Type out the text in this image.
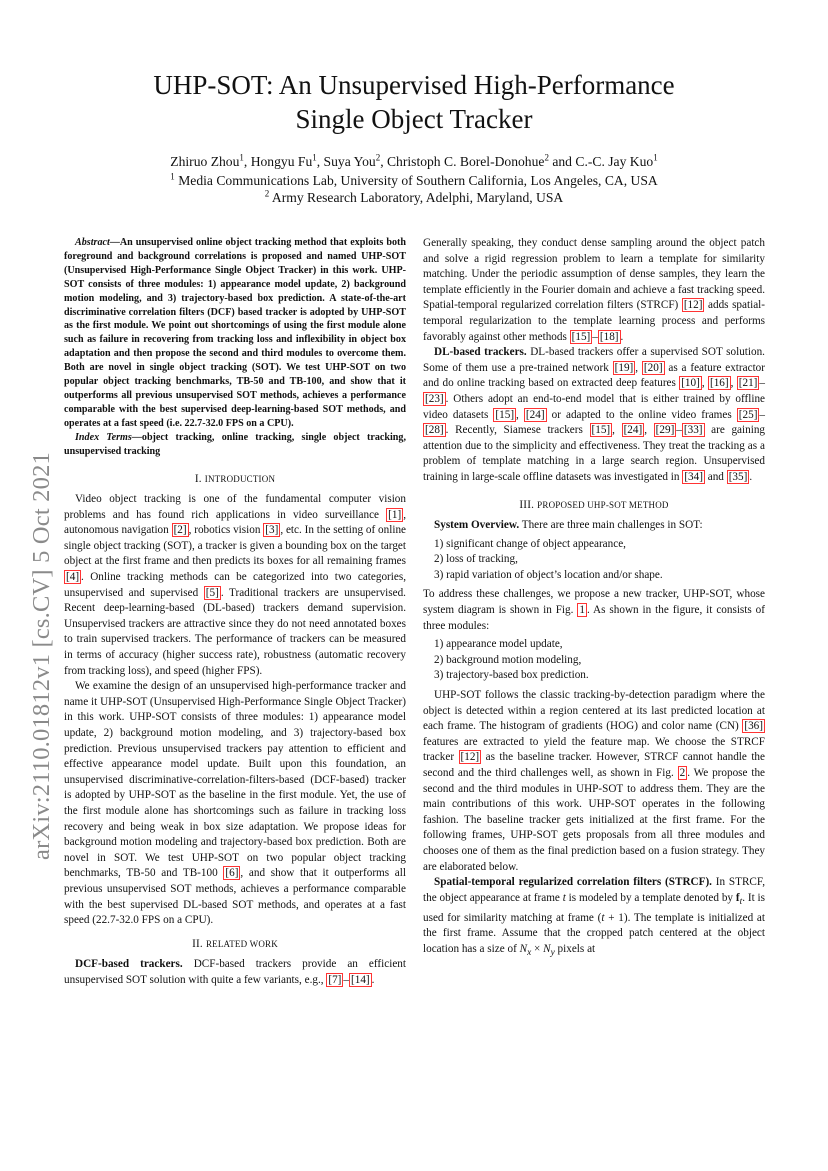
UHP-SOT: An Unsupervised High-Performance
Single Object Tracker
Zhiruo Zhou$^1$, Hongyu Fu$^1$, Suya You$^2$, Christoph C. Borel-Donohue$^2$ and C.-C. Jay Kuo$^1$
$^1$ Media Communications Lab, University of Southern California, Los Angeles, CA, USA
$^2$ Army Research Laboratory, Adelphi, Maryland, USA
arXiv:2110.01812v1 [cs.CV] 5 Oct 2021

Abstract—An unsupervised online object tracking method that exploits both foreground and background correlations is proposed and named UHP-SOT (Unsupervised High-Performance Single Object Tracker) in this work. UHP-SOT consists of three modules: 1) appearance model update, 2) background motion modeling, and 3) trajectory-based box prediction. A state-of-the-art discriminative correlation filters (DCF) based tracker is adopted by UHP-SOT as the first module. We point out shortcomings of using the first module alone such as failure in recovering from tracking loss and inflexibility in object box adaptation and then propose the second and third modules to overcome them. Both are novel in single object tracking (SOT). We test UHP-SOT on two popular object tracking benchmarks, TB-50 and TB-100, and show that it outperforms all previous unsupervised SOT methods, achieves a performance comparable with the best supervised deep-learning-based SOT methods, and operates at a fast speed (i.e. 22.7-32.0 FPS on a CPU).

Index Terms—object tracking, online tracking, single object tracking, unsupervised tracking

I. INTRODUCTION

Video object tracking is one of the fundamental computer vision problems and has found rich applications in video surveillance [1] , autonomous navigation [2] , robotics vision [3] , etc. In the setting of online single object tracking (SOT), a tracker is given a bounding box on the target object at the first frame and then predicts its boxes for all remaining frames [4] . Online tracking methods can be categorized into two categories, unsupervised and supervised [5] . Traditional trackers are unsupervised. Recent deep-learning-based (DL-based) trackers demand supervision. Unsupervised trackers are attractive since they do not need annotated boxes to train supervised trackers. The performance of trackers can be measured in terms of accuracy (higher success rate), robustness (automatic recovery from tracking loss), and speed (higher FPS).

We examine the design of an unsupervised high-performance tracker and name it UHP-SOT (Unsupervised High-Performance Single Object Tracker) in this work. UHP-SOT consists of three modules: 1) appearance model update, 2) background motion modeling, and 3) trajectory-based box prediction. Previous unsupervised trackers pay attention to efficient and effective appearance model update. Built upon this foundation, an unsupervised discriminative-correlation-filters-based (DCF-based) tracker is adopted by UHP-SOT as the baseline in the first module. Yet, the use of the first module alone has shortcomings such as failure in tracking loss recovery and being weak in box size adaptation. We propose ideas for background motion modeling and trajectory-based box prediction. Both are novel in SOT. We test UHP-SOT on two popular object tracking benchmarks, TB-50 and TB-100 [6] , and show that it outperforms all previous unsupervised SOT methods, achieves a performance comparable with the best supervised DL-based SOT methods, and operates at a fast speed (22.7-32.0 FPS on a CPU).

II. RELATED WORK

DCF-based trackers. DCF-based trackers provide an efficient unsupervised SOT solution with quite a few variants, e.g., [7] – [14] .

Generally speaking, they conduct dense sampling around the object patch and solve a rigid regression problem to learn a template for similarity matching. Under the periodic assumption of dense samples, they learn the template efficiently in the Fourier domain and achieve a fast tracking speed. Spatial-temporal regularized correlation filters (STRCF) [12] adds spatial-temporal regularization to the template learning process and performs favorably against other methods [15] – [18] .

DL-based trackers. DL-based trackers offer a supervised SOT solution. Some of them use a pre-trained network [19] , [20] as a feature extractor and do online tracking based on extracted deep features [10] , [16] , [21] –[23] . Others adopt an end-to-end model that is either trained by offline video datasets [15] , [24] or adapted to the online video frames [25] –[28] . Recently, Siamese trackers [15] , [24] , [29] – [33] are gaining attention due to the simplicity and effectiveness. They treat the tracking as a problem of template matching in a large search region. Unsupervised training in large-scale offline datasets was investigated in [34] and [35] .

III. PROPOSED UHP-SOT METHOD

System Overview. There are three main challenges in SOT:

1) significant change of object appearance,
2) loss of tracking,
3) rapid variation of object’s location and/or shape.

To address these challenges, we propose a new tracker, UHP-SOT, whose system diagram is shown in Fig. 1 . As shown in the figure, it consists of three modules:

1) appearance model update,
2) background motion modeling,
3) trajectory-based box prediction.

UHP-SOT follows the classic tracking-by-detection paradigm where the object is detected within a region centered at its last predicted location at each frame. The histogram of gradients (HOG) and color name (CN) [36] features are extracted to yield the feature map. We choose the STRCF tracker [12] as the baseline tracker. However, STRCF cannot handle the second and the third challenges well, as shown in Fig. 2 . We propose the second and the third modules in UHP-SOT to address them. They are the main contributions of this work. UHP-SOT operates in the following fashion. The baseline tracker gets initialized at the first frame. For the following frames, UHP-SOT gets proposals from all three modules and chooses one of them as the final prediction based on a fusion strategy. They are elaborated below.

Spatial-temporal regularized correlation filters (STRCF). In STRCF, the object appearance at frame t is modeled by a template denoted by $f_t$. It is used for similarity matching at frame (t + 1). The template is initialized at the first frame. Assume that the cropped patch centered at the object location has a size of $N_x \times N_y$ pixels at
